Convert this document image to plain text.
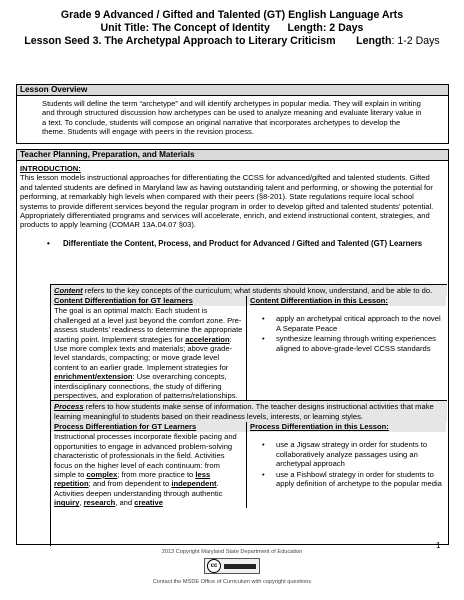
Grade 9 Advanced / Gifted and Talented (GT) English Language Arts
Unit Title: The Concept of Identity Length: 2 Days
Lesson Seed 3. The Archetypal Approach to Literary Criticism Length: 1-2 Days
Lesson Overview
Students will define the term “archetype” and will identify archetypes in popular media. They will explain in writing and through structured discussion how archetypes can be used to analyze meaning and evaluate literary value in a text. To conclude, students will compose an original narrative that incorporates archetypes to develop the theme. Students will engage with peers in the revision process.
Teacher Planning, Preparation, and Materials
INTRODUCTION:
This lesson models instructional approaches for differentiating the CCSS for advanced/gifted and talented students. Gifted and talented students are defined in Maryland law as having outstanding talent and performing, or showing the potential for performing, at remarkably high levels when compared with their peers (§8-201). State regulations require local school systems to provide different services beyond the regular program in order to develop gifted and talented students’ potential. Appropriately differentiated programs and services will accelerate, enrich, and extend instructional content, strategies, and products to apply learning (COMAR 13A.04.07 §03).
• Differentiate the Content, Process, and Product for Advanced / Gifted and Talented (GT) Learners
Content refers to the key concepts of the curriculum; what students should know, understand, and be able to do.
Content Differentiation for GT learners	Content Differentiation in this Lesson:
The goal is an optimal match: Each student is challenged at a level just beyond the comfort zone. Pre-assess students’ readiness to determine the appropriate starting point. Implement strategies for acceleration: Use more complex texts and materials; above grade-level standards, compacting; or move grade level content to an earlier grade. Implement strategies for enrichment/extension: Use overarching concepts, interdisciplinary connections, the study of differing perspectives, and exploration of patterns/relationships.
• apply an archetypal critical approach to the novel A Separate Peace
• synthesize learning through writing experiences aligned to above-grade-level CCSS standards
Process refers to how students make sense of information. The teacher designs instructional activities that make learning meaningful to students based on their readiness levels, interests, or learning styles.
Process Differentiation for GT Learners	Process Differentiation in this Lesson:
Instructional processes incorporate flexible pacing and opportunities to engage in advanced problem-solving characteristic of professionals in the field. Activities focus on the higher level of each continuum: from simple to complex; from more practice to less repetition; and from dependent to independent. Activities deepen understanding through authentic inquiry, research, and creative
• use a Jigsaw strategy in order for students to collaboratively analyze passages using an archetypal approach
• use a Fishbowl strategy in order for students to apply definition of archetype to the popular media
1
2013 Copyright Maryland State Department of Education
cc
Contact the MSDE Office of Curriculum with copyright questions
